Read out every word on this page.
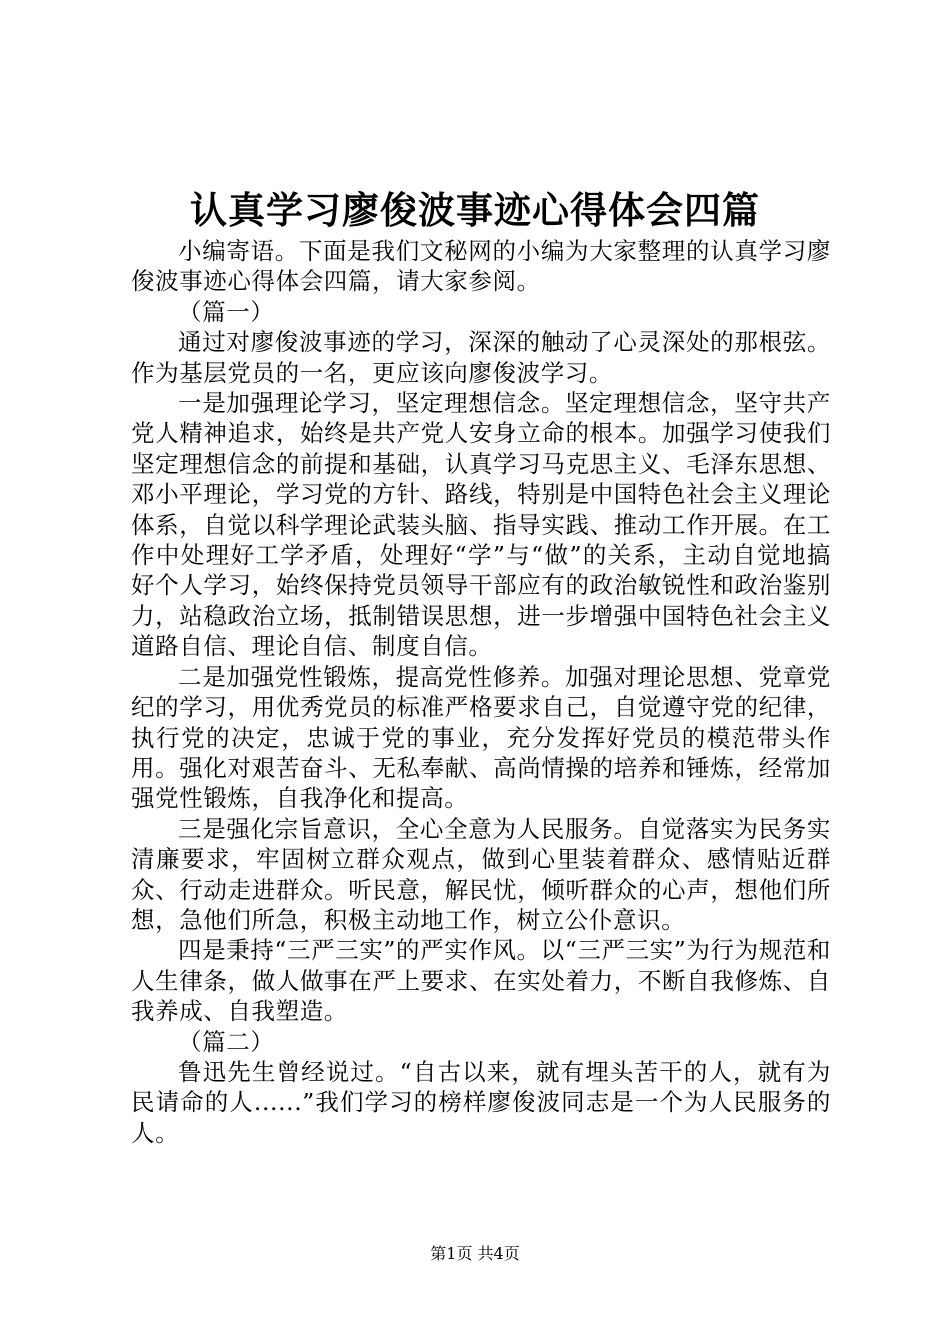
认真学习廖俊波事迹心得体会四篇

小编寄语。下面是我们文秘网的小编为大家整理的认真学习廖俊波事迹心得体会四篇，请大家参阅。

（篇一）

通过对廖俊波事迹的学习，深深的触动了心灵深处的那根弦。作为基层党员的一名，更应该向廖俊波学习。

一是加强理论学习，坚定理想信念。坚定理想信念，坚守共产党人精神追求，始终是共产党人安身立命的根本。加强学习使我们坚定理想信念的前提和基础，认真学习马克思主义、毛泽东思想、邓小平理论，学习党的方针、路线，特别是中国特色社会主义理论体系，自觉以科学理论武装头脑、指导实践、推动工作开展。在工作中处理好工学矛盾，处理好“学”与“做”的关系，主动自觉地搞好个人学习，始终保持党员领导干部应有的政治敏锐性和政治鉴别力，站稳政治立场，抵制错误思想，进一步增强中国特色社会主义道路自信、理论自信、制度自信。

二是加强党性锻炼，提高党性修养。加强对理论思想、党章党纪的学习，用优秀党员的标准严格要求自己，自觉遵守党的纪律，执行党的决定，忠诚于党的事业，充分发挥好党员的模范带头作用。强化对艰苦奋斗、无私奉献、高尚情操的培养和锤炼，经常加强党性锻炼，自我净化和提高。

三是强化宗旨意识，全心全意为人民服务。自觉落实为民务实清廉要求，牢固树立群众观点，做到心里装着群众、感情贴近群众、行动走进群众。听民意，解民忧，倾听群众的心声，想他们所想，急他们所急，积极主动地工作，树立公仆意识。

四是秉持“三严三实”的严实作风。以“三严三实”为行为规范和人生律条，做人做事在严上要求、在实处着力，不断自我修炼、自我养成、自我塑造。

（篇二）

鲁迅先生曾经说过。“自古以来，就有埋头苦干的人，就有为民请命的人......”我们学习的榜样廖俊波同志是一个为人民服务的人。

第1页 共4页
